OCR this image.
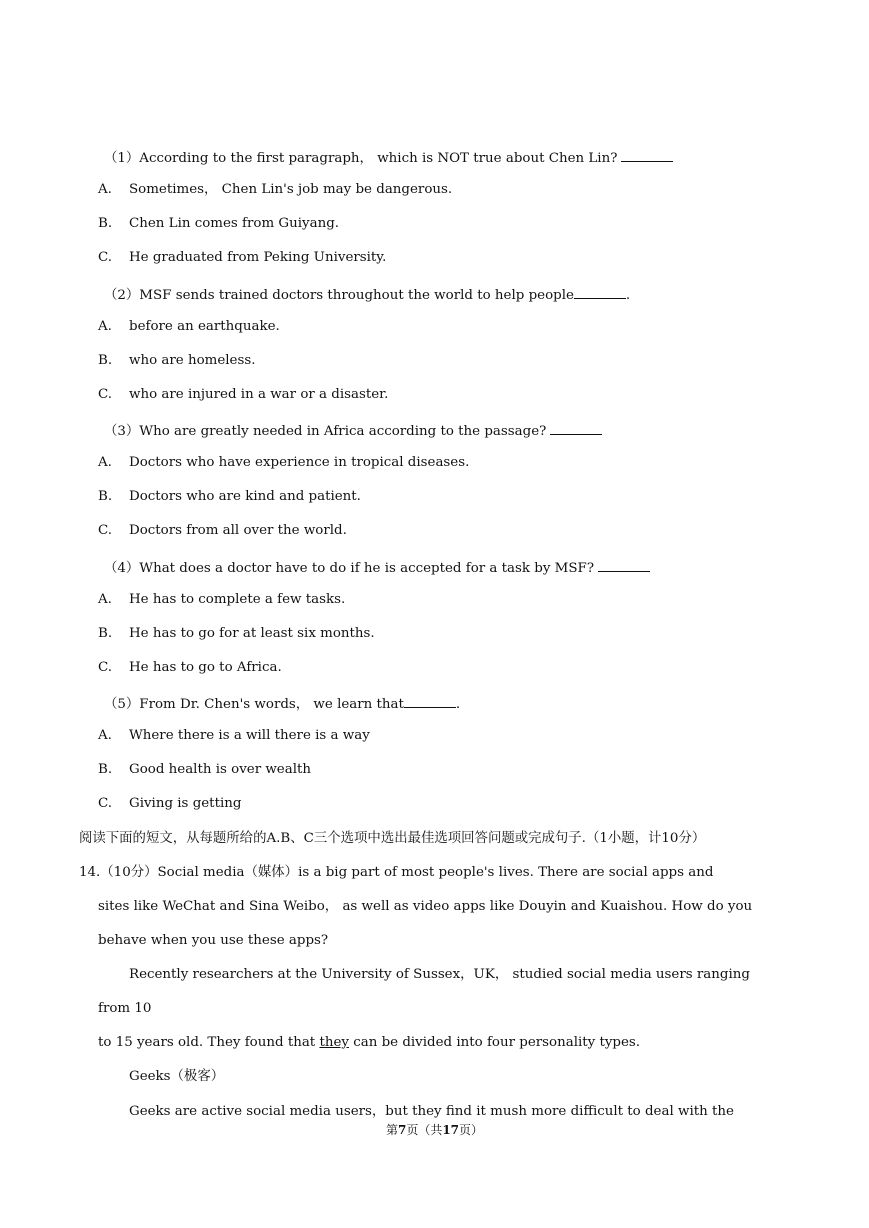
（1）According to the first paragraph， which is NOT true about Chen Lin?
A. Sometimes， Chen Lin's job may be dangerous.
B. Chen Lin comes from Guiyang.
C. He graduated from Peking University.
（2）MSF sends trained doctors throughout the world to help people	.
A. before an earthquake.
B. who are homeless.
C. who are injured in a war or a disaster.
（3）Who are greatly needed in Africa according to the passage?
A. Doctors who have experience in tropical diseases.
B. Doctors who are kind and patient.
C. Doctors from all over the world.
（4）What does a doctor have to do if he is accepted for a task by MSF?
A. He has to complete a few tasks.
B. He has to go for at least six months.
C. He has to go to Africa.
（5）From Dr. Chen's words， we learn that	.
A. Where there is a will there is a way
B. Good health is over wealth
C. Giving is getting
阅读下面的短文，从每题所给的A.B、C三个选项中选出最佳选项回答问题或完成句子.（1小题，计10分）
14.（10分）Social media（媒体）is a big part of most people's lives. There are social apps and
sites like WeChat and Sina Weibo， as well as video apps like Douyin and Kuaishou. How do you
behave when you use these apps?
Recently researchers at the University of Sussex，UK， studied social media users ranging
from 10
to 15 years old. They found that they can be divided into four personality types.
Geeks（极客）
Geeks are active social media users，but they find it mush more difficult to deal with the
第7页（共17页）
